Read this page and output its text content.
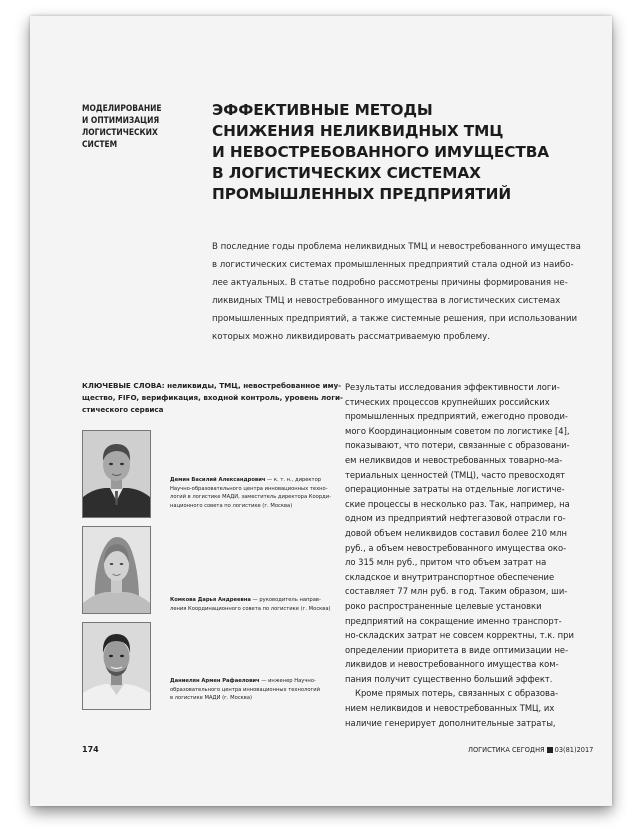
МОДЕЛИРОВАНИЕ
И ОПТИМИЗАЦИЯ
ЛОГИСТИЧЕСКИХ
СИСТЕМ
ЭФФЕКТИВНЫЕ МЕТОДЫ
СНИЖЕНИЯ НЕЛИКВИДНЫХ ТМЦ
И НЕВОСТРЕБОВАННОГО ИМУЩЕСТВА
В ЛОГИСТИЧЕСКИХ СИСТЕМАХ
ПРОМЫШЛЕННЫХ ПРЕДПРИЯТИЙ
В последние годы проблема неликвидных ТМЦ и невостребованного имущества
в логистических системах промышленных предприятий стала одной из наибо-
лее актуальных. В статье подробно рассмотрены причины формирования не-
ликвидных ТМЦ и невостребованного имущества в логистических системах
промышленных предприятий, а также системные решения, при использовании
которых можно ликвидировать рассматриваемую проблему.
КЛЮЧЕВЫЕ СЛОВА: неликвиды, ТМЦ, невостребованное иму-
щество, FIFO, верификация, входной контроль, уровень логи-
стического сервиса
Демин Василий Александрович — к. т. н., директор
Научно-образовательного центра инновационных техно-
логий в логистике МАДИ, заместитель директора Коорди-
национного совета по логистике (г. Москва)
Комкова Дарья Андреевна — руководитель направ-
ления Координационного совета по логистике (г. Москва)
Даниелян Армен Рафаелович — инженер Научно-
образовательного центра инновационных технологий
в логистике МАДИ (г. Москва)
Результаты исследования эффективности логи-
стических процессов крупнейших российских
промышленных предприятий, ежегодно проводи-
мого Координационным советом по логистике [4],
показывают, что потери, связанные с образовани-
ем неликвидов и невостребованных товарно-ма-
териальных ценностей (ТМЦ), часто превосходят
операционные затраты на отдельные логистиче-
ские процессы в несколько раз. Так, например, на
одном из предприятий нефтегазовой отрасли го-
довой объем неликвидов составил более 210 млн
руб., а объем невостребованного имущества око-
ло 315 млн руб., притом что объем затрат на
складское и внутритранспортное обеспечение
составляет 77 млн руб. в год. Таким образом, ши-
роко распространенные целевые установки
предприятий на сокращение именно транспорт-
но-складских затрат не совсем корректны, т.к. при
определении приоритета в виде оптимизации не-
ликвидов и невостребованного имущества ком-
пания получит существенно больший эффект.
Кроме прямых потерь, связанных с образова-
нием неликвидов и невостребованных ТМЦ, их
наличие генерирует дополнительные затраты,
174	ЛОГИСТИКА СЕГОДНЯ 03(81)2017
